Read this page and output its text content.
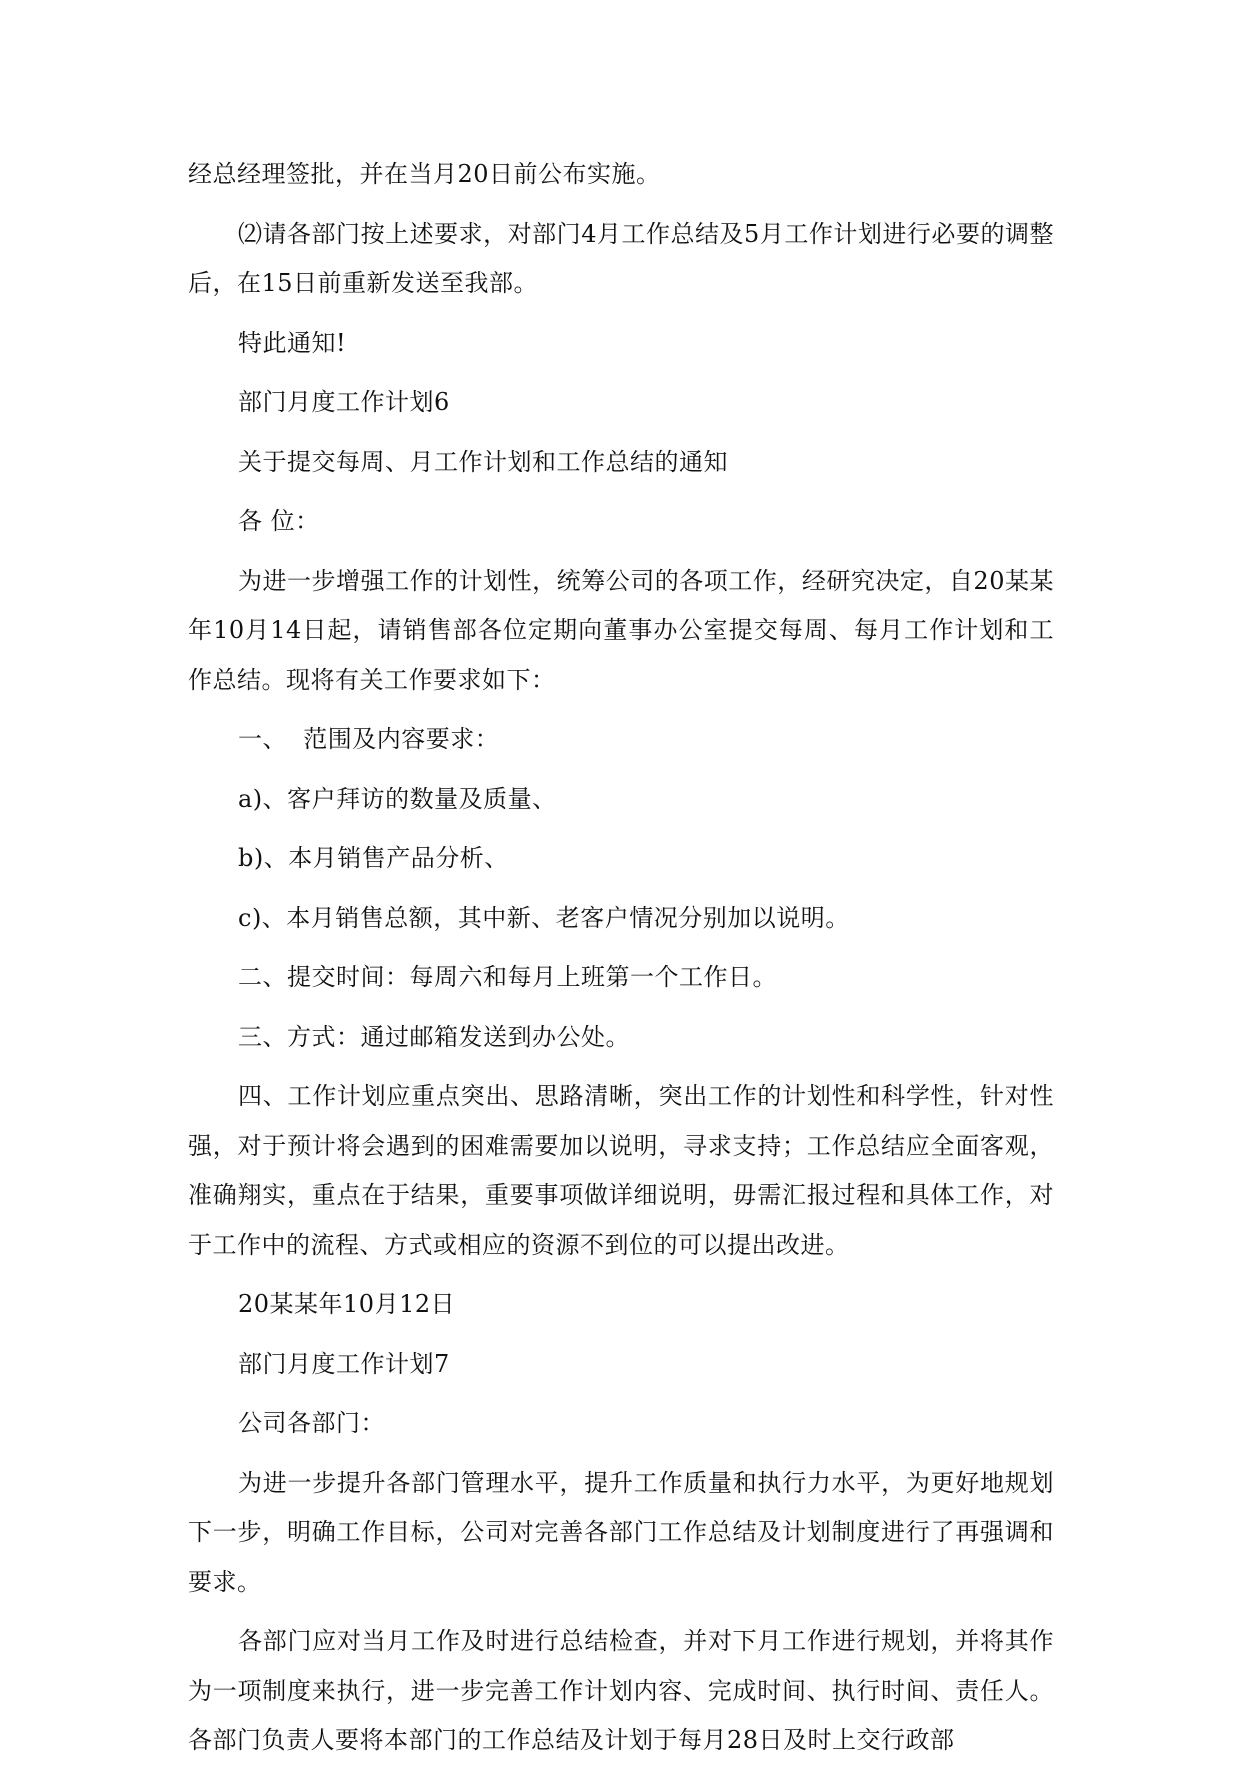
经总经理签批，并在当月20日前公布实施。

⑵请各部门按上述要求，对部门4月工作总结及5月工作计划进行必要的调整后，在15日前重新发送至我部。

特此通知!

部门月度工作计划6

关于提交每周、月工作计划和工作总结的通知

各 位：

为进一步增强工作的计划性，统筹公司的各项工作，经研究决定，自20某某年10月14日起，请销售部各位定期向董事办公室提交每周、每月工作计划和工作总结。现将有关工作要求如下：

一、  范围及内容要求：

a)、客户拜访的数量及质量、

b)、本月销售产品分析、

c)、本月销售总额，其中新、老客户情况分别加以说明。

二、提交时间：每周六和每月上班第一个工作日。

三、方式：通过邮箱发送到办公处。

四、工作计划应重点突出、思路清晰，突出工作的计划性和科学性，针对性强，对于预计将会遇到的困难需要加以说明，寻求支持；工作总结应全面客观，准确翔实，重点在于结果，重要事项做详细说明，毋需汇报过程和具体工作，对于工作中的流程、方式或相应的资源不到位的可以提出改进。

20某某年10月12日

部门月度工作计划7

公司各部门：

为进一步提升各部门管理水平，提升工作质量和执行力水平，为更好地规划下一步，明确工作目标，公司对完善各部门工作总结及计划制度进行了再强调和要求。

各部门应对当月工作及时进行总结检查，并对下月工作进行规划，并将其作为一项制度来执行，进一步完善工作计划内容、完成时间、执行时间、责任人。各部门负责人要将本部门的工作总结及计划于每月28日及时上交行政部
